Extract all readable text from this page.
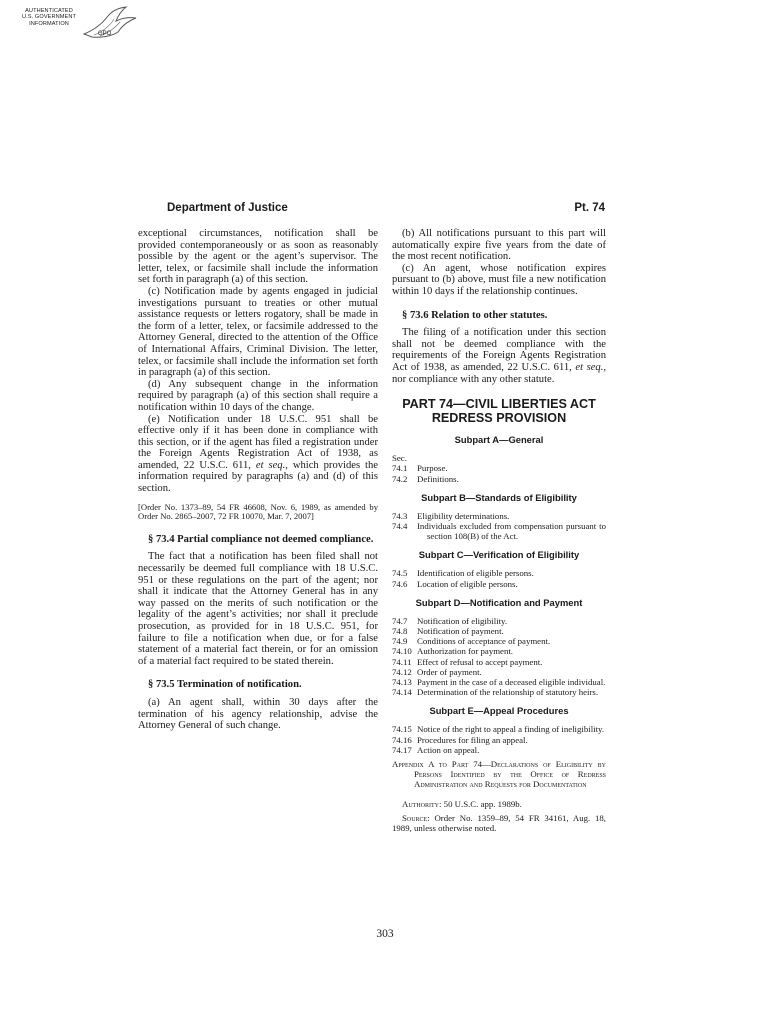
AUTHENTICATED
U.S. GOVERNMENT
INFORMATION
GPO
Department of Justice	Pt. 74

exceptional circumstances, notification shall be provided contemporaneously or as soon as reasonably possible by the agent or the agent’s supervisor. The letter, telex, or facsimile shall include the information set forth in paragraph (a) of this section.

(c) Notification made by agents engaged in judicial investigations pursuant to treaties or other mutual assistance requests or letters rogatory, shall be made in the form of a letter, telex, or facsimile addressed to the Attorney General, directed to the attention of the Office of International Affairs, Criminal Division. The letter, telex, or facsimile shall include the information set forth in paragraph (a) of this section.

(d) Any subsequent change in the information required by paragraph (a) of this section shall require a notification within 10 days of the change.

(e) Notification under 18 U.S.C. 951 shall be effective only if it has been done in compliance with this section, or if the agent has filed a registration under the Foreign Agents Registration Act of 1938, as amended, 22 U.S.C. 611, et seq., which provides the information required by paragraphs (a) and (d) of this section.

[Order No. 1373–89, 54 FR 46608, Nov. 6, 1989, as amended by Order No. 2865–2007, 72 FR 10070, Mar. 7, 2007]

§ 73.4 Partial compliance not deemed compliance.

The fact that a notification has been filed shall not necessarily be deemed full compliance with 18 U.S.C. 951 or these regulations on the part of the agent; nor shall it indicate that the Attorney General has in any way passed on the merits of such notification or the legality of the agent’s activities; nor shall it preclude prosecution, as provided for in 18 U.S.C. 951, for failure to file a notification when due, or for a false statement of a material fact therein, or for an omission of a material fact required to be stated therein.

§ 73.5 Termination of notification.

(a) An agent shall, within 30 days after the termination of his agency relationship, advise the Attorney General of such change.

(b) All notifications pursuant to this part will automatically expire five years from the date of the most recent notification.

(c) An agent, whose notification expires pursuant to (b) above, must file a new notification within 10 days if the relationship continues.

§ 73.6 Relation to other statutes.

The filing of a notification under this section shall not be deemed compliance with the requirements of the Foreign Agents Registration Act of 1938, as amended, 22 U.S.C. 611, et seq., nor compliance with any other statute.

PART 74—CIVIL LIBERTIES ACT
REDRESS PROVISION
Subpart A—General
Sec.
74.1	Purpose.
74.2	Definitions.
Subpart B—Standards of Eligibility
74.3	Eligibility determinations.
74.4	Individuals excluded from compensation pursuant to section 108(B) of the Act.
Subpart C—Verification of Eligibility
74.5	Identification of eligible persons.
74.6	Location of eligible persons.
Subpart D—Notification and Payment
74.7	Notification of eligibility.
74.8	Notification of payment.
74.9	Conditions of acceptance of payment.
74.10 Authorization for payment.
74.11 Effect of refusal to accept payment.
74.12 Order of payment.
74.13 Payment in the case of a deceased eligible individual.
74.14 Determination of the relationship of statutory heirs.
Subpart E—Appeal Procedures
74.15 Notice of the right to appeal a finding of ineligibility.
74.16 Procedures for filing an appeal.
74.17 Action on appeal.

Appendix A to Part 74—Declarations of Eligibility by Persons Identified by the Office of Redress Administration and Requests for Documentation

Authority: 50 U.S.C. app. 1989b.

Source: Order No. 1359–89, 54 FR 34161, Aug. 18, 1989, unless otherwise noted.

303
